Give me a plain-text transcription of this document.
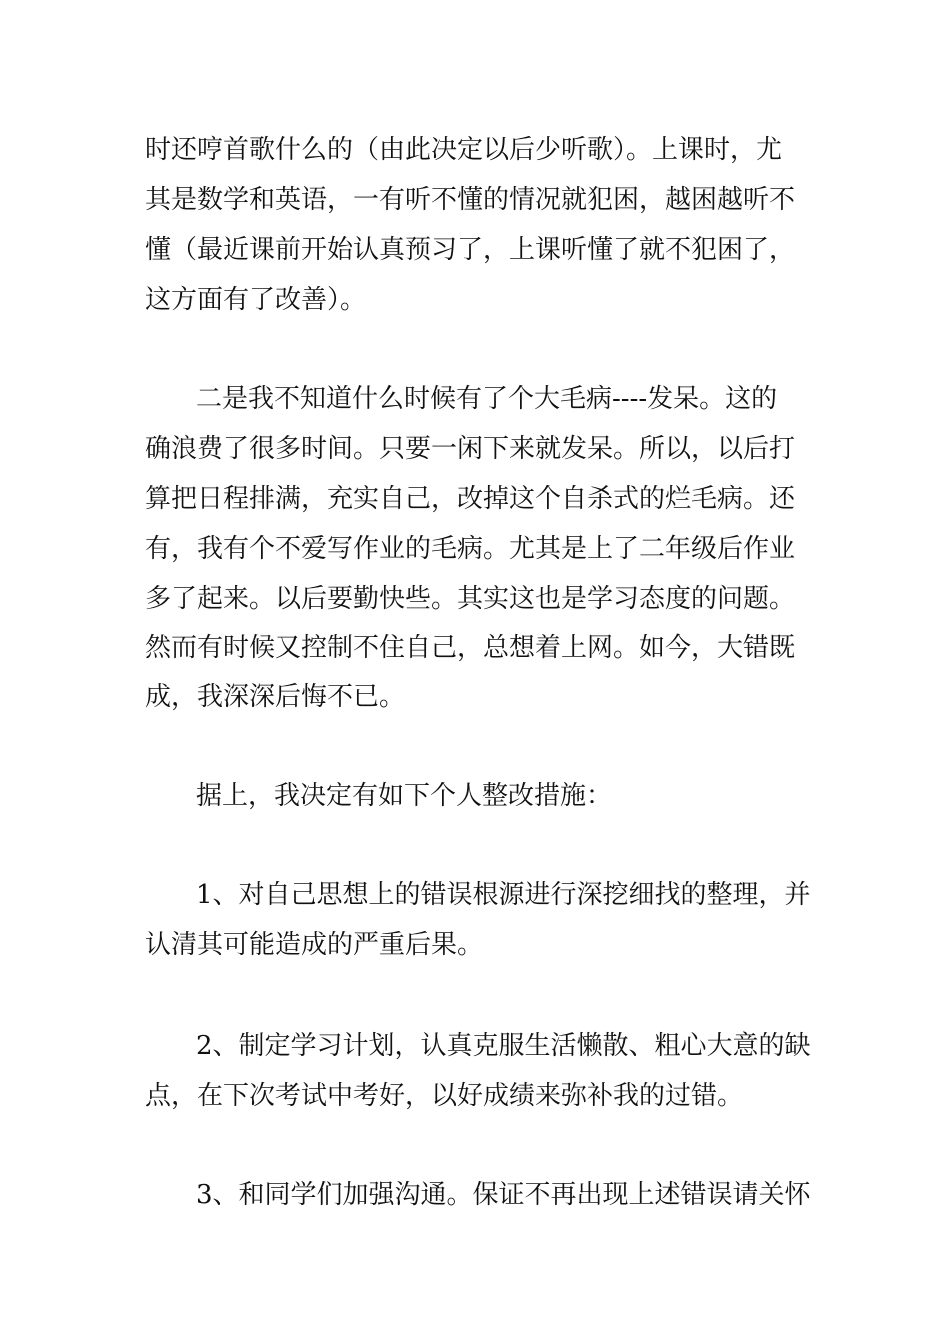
时还哼首歌什么的（由此决定以后少听歌）。上课时，尤
其是数学和英语，一有听不懂的情况就犯困，越困越听不
懂（最近课前开始认真预习了，上课听懂了就不犯困了，
这方面有了改善）。
二是我不知道什么时候有了个大毛病----发呆。这的
确浪费了很多时间。只要一闲下来就发呆。所以，以后打
算把日程排满，充实自己，改掉这个自杀式的烂毛病。还
有，我有个不爱写作业的毛病。尤其是上了二年级后作业
多了起来。以后要勤快些。其实这也是学习态度的问题。
然而有时候又控制不住自己，总想着上网。如今，大错既
成，我深深后悔不已。
据上，我决定有如下个人整改措施：
1、对自己思想上的错误根源进行深挖细找的整理，并
认清其可能造成的严重后果。
2、制定学习计划，认真克服生活懒散、粗心大意的缺
点，在下次考试中考好，以好成绩来弥补我的过错。
3、和同学们加强沟通。保证不再出现上述错误请关怀
